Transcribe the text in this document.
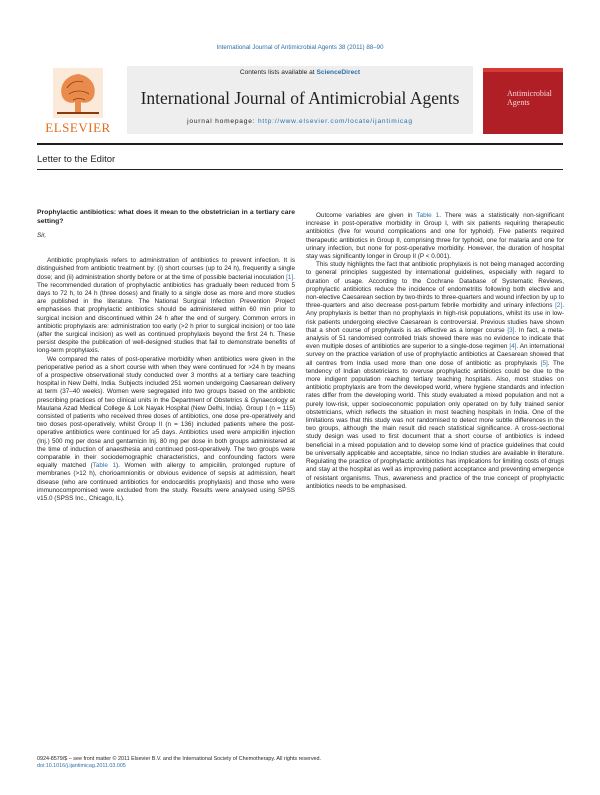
International Journal of Antimicrobial Agents 38 (2011) 88–90
ELSEVIER
Contents lists available at ScienceDirect
International Journal of Antimicrobial Agents
journal homepage: http://www.elsevier.com/locate/ijantimicag
Antimicrobial
Agents
Letter to the Editor

Prophylactic antibiotics: what does it mean to the obstetrician in a tertiary care setting?

Sir,

Antibiotic prophylaxis refers to administration of antibiotics to prevent infection. It is distinguished from antibiotic treatment by: (i) short courses (up to 24 h), frequently a single dose; and (ii) administration shortly before or at the time of possible bacterial inoculation [1]. The recommended duration of prophylactic antibiotics has gradually been reduced from 5 days to 72 h, to 24 h (three doses) and finally to a single dose as more and more studies are published in the literature. The National Surgical Infection Prevention Project emphasises that prophylactic antibiotics should be administered within 60 min prior to surgical incision and discontinued within 24 h after the end of surgery. Common errors in antibiotic prophylaxis are: administration too early (>2 h prior to surgical incision) or too late (after the surgical incision) as well as continued prophylaxis beyond the first 24 h. These persist despite the publication of well-designed studies that fail to demonstrate benefits of long-term prophylaxis.

We compared the rates of post-operative morbidity when antibiotics were given in the perioperative period as a short course with when they were continued for >24 h by means of a prospective observational study conducted over 3 months at a tertiary care teaching hospital in New Delhi, India. Subjects included 251 women undergoing Caesarean delivery at term (37–40 weeks). Women were segregated into two groups based on the antibiotic prescribing practices of two clinical units in the Department of Obstetrics & Gynaecology at Maulana Azad Medical College & Lok Nayak Hospital (New Delhi, India). Group I (n = 115) consisted of patients who received three doses of antibiotics, one dose pre-operatively and two doses post-operatively, whilst Group II (n = 136) included patients where the post-operative antibiotics were continued for ≥5 days. Antibiotics used were ampicillin injection (Inj.) 500 mg per dose and gentamicin Inj. 80 mg per dose in both groups administered at the time of induction of anaesthesia and continued post-operatively. The two groups were comparable in their sociodemographic characteristics, and confounding factors were equally matched (Table 1). Women with allergy to ampicillin, prolonged rupture of membranes (>12 h), chorioamnionitis or obvious evidence of sepsis at admission, heart disease (who are continued antibiotics for endocarditis prophylaxis) and those who were immunocompromised were excluded from the study. Results were analysed using SPSS v15.0 (SPSS Inc., Chicago, IL).

Outcome variables are given in Table 1. There was a statistically non-significant increase in post-operative morbidity in Group I, with six patients requiring therapeutic antibiotics (five for wound complications and one for typhoid). Five patients required therapeutic antibiotics in Group II, comprising three for typhoid, one for malaria and one for urinary infection, but none for post-operative morbidity. However, the duration of hospital stay was significantly longer in Group II (P < 0.001).

This study highlights the fact that antibiotic prophylaxis is not being managed according to general principles suggested by international guidelines, especially with regard to duration of usage. According to the Cochrane Database of Systematic Reviews, prophylactic antibiotics reduce the incidence of endometritis following both elective and non-elective Caesarean section by two-thirds to three-quarters and wound infection by up to three-quarters and also decrease post-partum febrile morbidity and urinary infections [2]. Any prophylaxis is better than no prophylaxis in high-risk populations, whilst its use in low-risk patients undergoing elective Caesarean is controversial. Previous studies have shown that a short course of prophylaxis is as effective as a longer course [3]. In fact, a meta-analysis of 51 randomised controlled trials showed there was no evidence to indicate that even multiple doses of antibiotics are superior to a single-dose regimen [4]. An international survey on the practice variation of use of prophylactic antibiotics at Caesarean showed that all centres from India used more than one dose of antibiotic as prophylaxis [5]. The tendency of Indian obstetricians to overuse prophylactic antibiotics could be due to the more indigent population reaching tertiary teaching hospitals. Also, most studies on antibiotic prophylaxis are from the developed world, where hygiene standards and infection rates differ from the developing world. This study evaluated a mixed population and not a purely low-risk, upper socioeconomic population only operated on by fully trained senior obstetricians, which reflects the situation in most teaching hospitals in India. One of the limitations was that this study was not randomised to detect more subtle differences in the two groups, although the main result did reach statistical significance. A cross-sectional study design was used to first document that a short course of antibiotics is indeed beneficial in a mixed population and to develop some kind of practice guidelines that could be universally applicable and acceptable, since no Indian studies are available in literature. Regulating the practice of prophylactic antibiotics has implications for limiting costs of drugs and stay at the hospital as well as improving patient acceptance and preventing emergence of resistant organisms. Thus, awareness and practice of the true concept of prophylactic antibiotics needs to be emphasised.

0924-8579/$ – see front matter © 2011 Elsevier B.V. and the International Society of Chemotherapy. All rights reserved.
doi:10.1016/j.ijantimicag.2011.03.005
